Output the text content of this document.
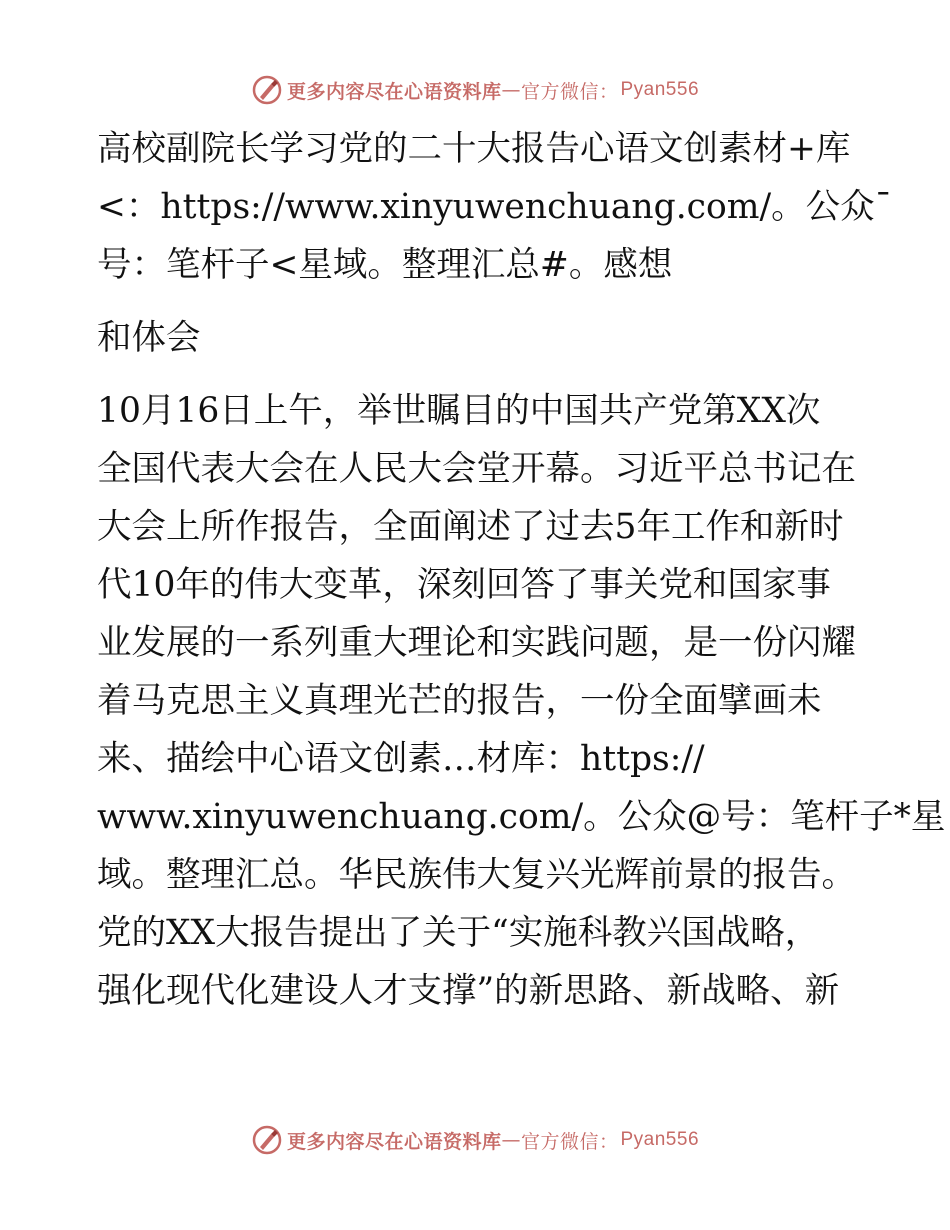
更多内容尽在心语资料库 — 官方微信： Pyan556
高校副院长学习党的二十大报告心语文创素材+库
<：https://www.xinyuwenchuang.com/。公众¯
号：笔杆子<星域。整理汇总#。感想
和体会
10月16日上午，举世瞩目的中国共产党第XX次
全国代表大会在人民大会堂开幕。习近平总书记在
大会上所作报告，全面阐述了过去5年工作和新时
代10年的伟大变革，深刻回答了事关党和国家事
业发展的一系列重大理论和实践问题，是一份闪耀
着马克思主义真理光芒的报告，一份全面擘画未
来、描绘中心语文创素…材库：https://
www.xinyuwenchuang.com/。公众@号：笔杆子*星
域。整理汇总。华民族伟大复兴光辉前景的报告。
党的XX大报告提出了关于“实施科教兴国战略，
强化现代化建设人才支撑”的新思路、新战略、新
更多内容尽在心语资料库 — 官方微信： Pyan556
